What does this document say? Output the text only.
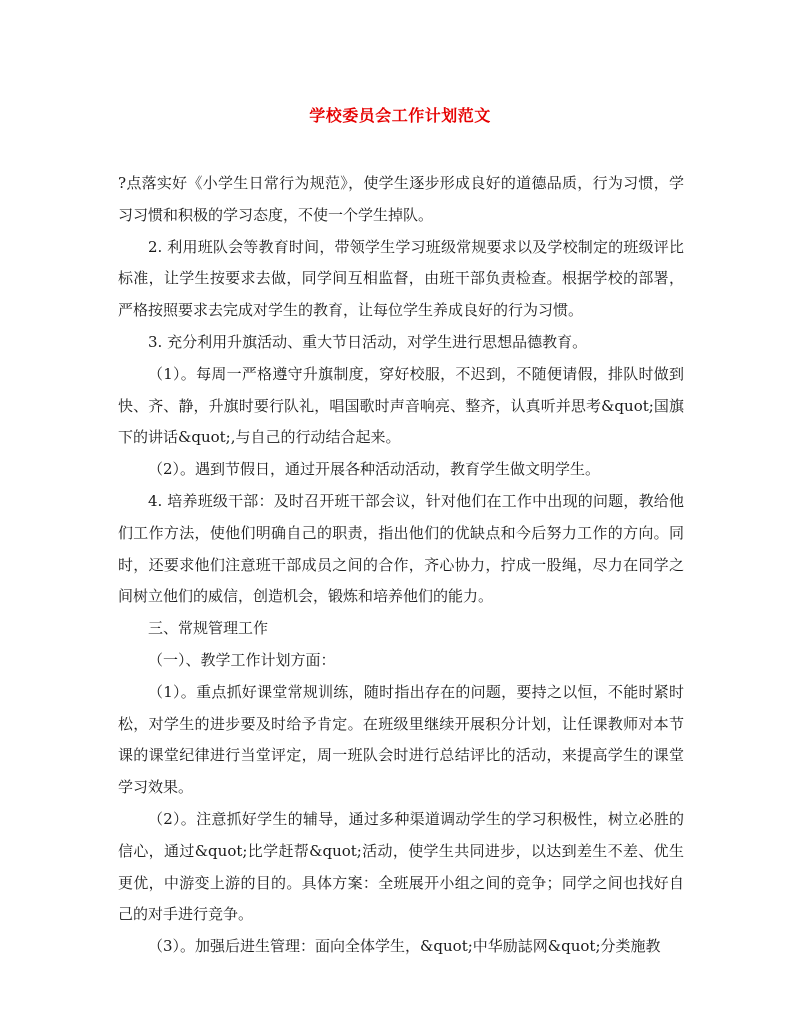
学校委员会工作计划范文

?点落实好《小学生日常行为规范》，使学生逐步形成良好的道德品质，行为习惯，学习习惯和积极的学习态度，不使一个学生掉队。

2. 利用班队会等教育时间，带领学生学习班级常规要求以及学校制定的班级评比标准，让学生按要求去做，同学间互相监督，由班干部负责检查。根据学校的部署，严格按照要求去完成对学生的教育，让每位学生养成良好的行为习惯。

3. 充分利用升旗活动、重大节日活动，对学生进行思想品德教育。

（1）。每周一严格遵守升旗制度，穿好校服，不迟到，不随便请假，排队时做到快、齐、静，升旗时要行队礼，唱国歌时声音响亮、整齐，认真听并思考&quot;国旗下的讲话&quot;,与自己的行动结合起来。

（2）。遇到节假日，通过开展各种活动活动，教育学生做文明学生。

4. 培养班级干部：及时召开班干部会议，针对他们在工作中出现的问题，教给他们工作方法，使他们明确自己的职责，指出他们的优缺点和今后努力工作的方向。同时，还要求他们注意班干部成员之间的合作，齐心协力，拧成一股绳，尽力在同学之间树立他们的威信，创造机会，锻炼和培养他们的能力。

三、常规管理工作

（一）、教学工作计划方面：

（1）。重点抓好课堂常规训练，随时指出存在的问题，要持之以恒，不能时紧时松，对学生的进步要及时给予肯定。在班级里继续开展积分计划，让任课教师对本节课的课堂纪律进行当堂评定，周一班队会时进行总结评比的活动，来提高学生的课堂学习效果。

（2）。注意抓好学生的辅导，通过多种渠道调动学生的学习积极性，树立必胜的信心，通过&quot;比学赶帮&quot;活动，使学生共同进步，以达到差生不差、优生更优，中游变上游的目的。具体方案：全班展开小组之间的竞争；同学之间也找好自己的对手进行竞争。

（3）。加强后进生管理：面向全体学生，&quot;中华励誌网&quot;分类施教
